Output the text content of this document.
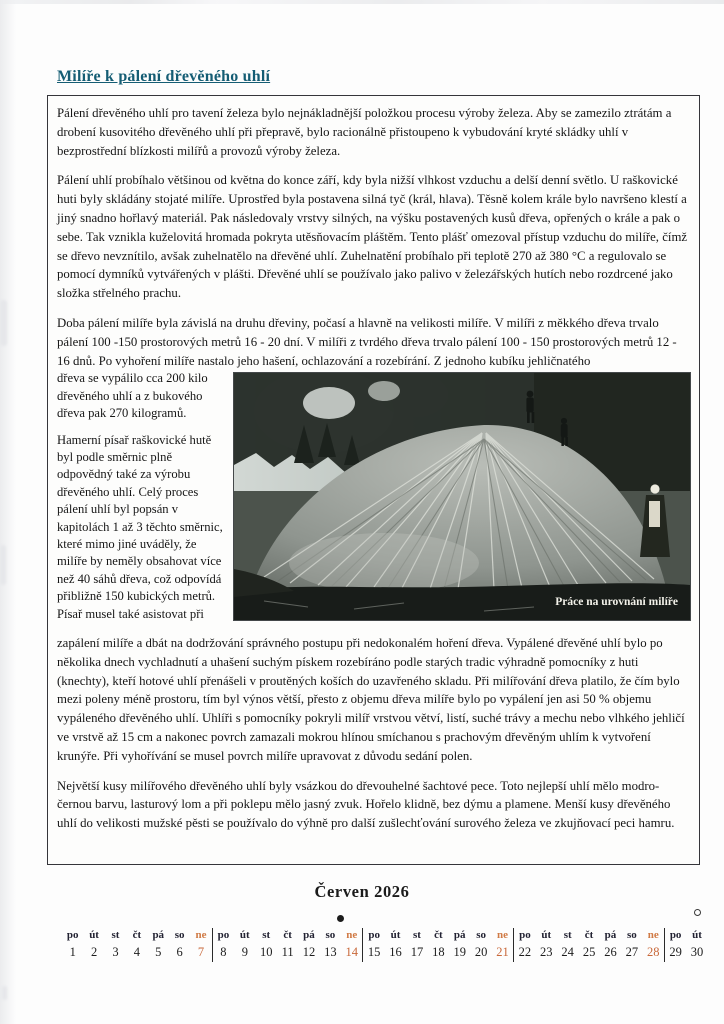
Milíře k pálení dřevěného uhlí

Pálení dřevěného uhlí pro tavení železa bylo nejnákladnější položkou procesu výroby železa. Aby se zamezilo ztrátám a drobení kusovitého dřevěného uhlí při přepravě, bylo racionálně přistoupeno k vybudování kryté skládky uhlí v bezprostřední blízkosti milířů a provozů výroby železa.

Pálení uhlí probíhalo většinou od května do konce září, kdy byla nižší vlhkost vzduchu a delší denní světlo. U raškovické huti byly skládány stojaté milíře. Uprostřed byla postavena silná tyč (král, hlava). Těsně kolem krále bylo navršeno klestí a jiný snadno hořlavý materiál. Pak následovaly vrstvy silných, na výšku postavených kusů dřeva, opřených o krále a pak o sebe. Tak vznikla kuželovitá hromada pokryta utěsňovacím pláštěm. Tento plášť omezoval přístup vzduchu do milíře, čímž se dřevo nevznítilo, avšak zuhelnatělo na dřevěné uhlí. Zuhelnatění probíhalo při teplotě 270 až 380 °C a regulovalo se pomocí dymníků vytvářených v plášti. Dřevěné uhlí se používalo jako palivo v železářských hutích nebo rozdrcené jako složka střelného prachu.

Doba pálení milíře byla závislá na druhu dřeviny, počasí a hlavně na velikosti milíře. V milíři z měkkého dřeva trvalo pálení 100 -150 prostorových metrů 16 - 20 dní. V milíři z tvrdého dřeva trvalo pálení 100 - 150 prostorových metrů 12 - 16 dnů. Po vyhoření milíře nastalo jeho hašení, ochlazování a rozebírání. Z jednoho kubíku jehličnatého

dřeva se vypálilo cca 200 kilo dřevěného uhlí a z bukového dřeva pak 270 kilogramů.

Hamerní písař raškovické hutě byl podle směrnic plně odpovědný také za výrobu dřevěného uhlí. Celý proces pálení uhlí byl popsán v kapitolách 1 až 3 těchto směrnic, které mimo jiné uváděly, že milíře by neměly obsahovat více než 40 sáhů dřeva, což odpovídá přibližně 150 kubických metrů. Písař musel také asistovat při

Práce na urovnání milíře

zapálení milíře a dbát na dodržování správného postupu při nedokonalém hoření dřeva. Vypálené dřevěné uhlí bylo po několika dnech vychladnutí a uhašení suchým pískem rozebíráno podle starých tradic výhradně pomocníky z huti (knechty), kteří hotové uhlí přenášeli v proutěných koších do uzavřeného skladu. Při milířování dřeva platilo, že čím bylo mezi poleny méně prostoru, tím byl výnos větší, přesto z objemu dřeva milíře bylo po vypálení jen asi 50 % objemu vypáleného dřevěného uhlí. Uhlíři s pomocníky pokryli milíř vrstvou větví, listí, suché trávy a mechu nebo vlhkého jehličí ve vrstvě až 15 cm a nakonec povrch zamazali mokrou hlínou smíchanou s prachovým dřevěným uhlím k vytvoření krunýře. Při vyhořívání se musel povrch milíře upravovat z důvodu sedání polen.

Největší kusy milířového dřevěného uhlí byly vsázkou do dřevouhelné šachtové pece. Toto nejlepší uhlí mělo modro-černou barvu, lasturový lom a při poklepu mělo jasný zvuk. Hořelo klidně, bez dýmu a plamene. Menší kusy dřevěného uhlí do velikosti mužské pěsti se používalo do výhně pro další zušlechťování surového železa ve zkujňovací peci hamru.

Červen 2026
po
1
út
2
st
3
čt
4
pá
5
so
6
ne
7
po
8
út
9
st
10
čt
11
pá
12
so
13
ne
14
po
15
út
16
st
17
čt
18
pá
19
so
20
ne
21
po
22
út
23
st
24
čt
25
pá
26
so
27
ne
28
po
29
út
30
